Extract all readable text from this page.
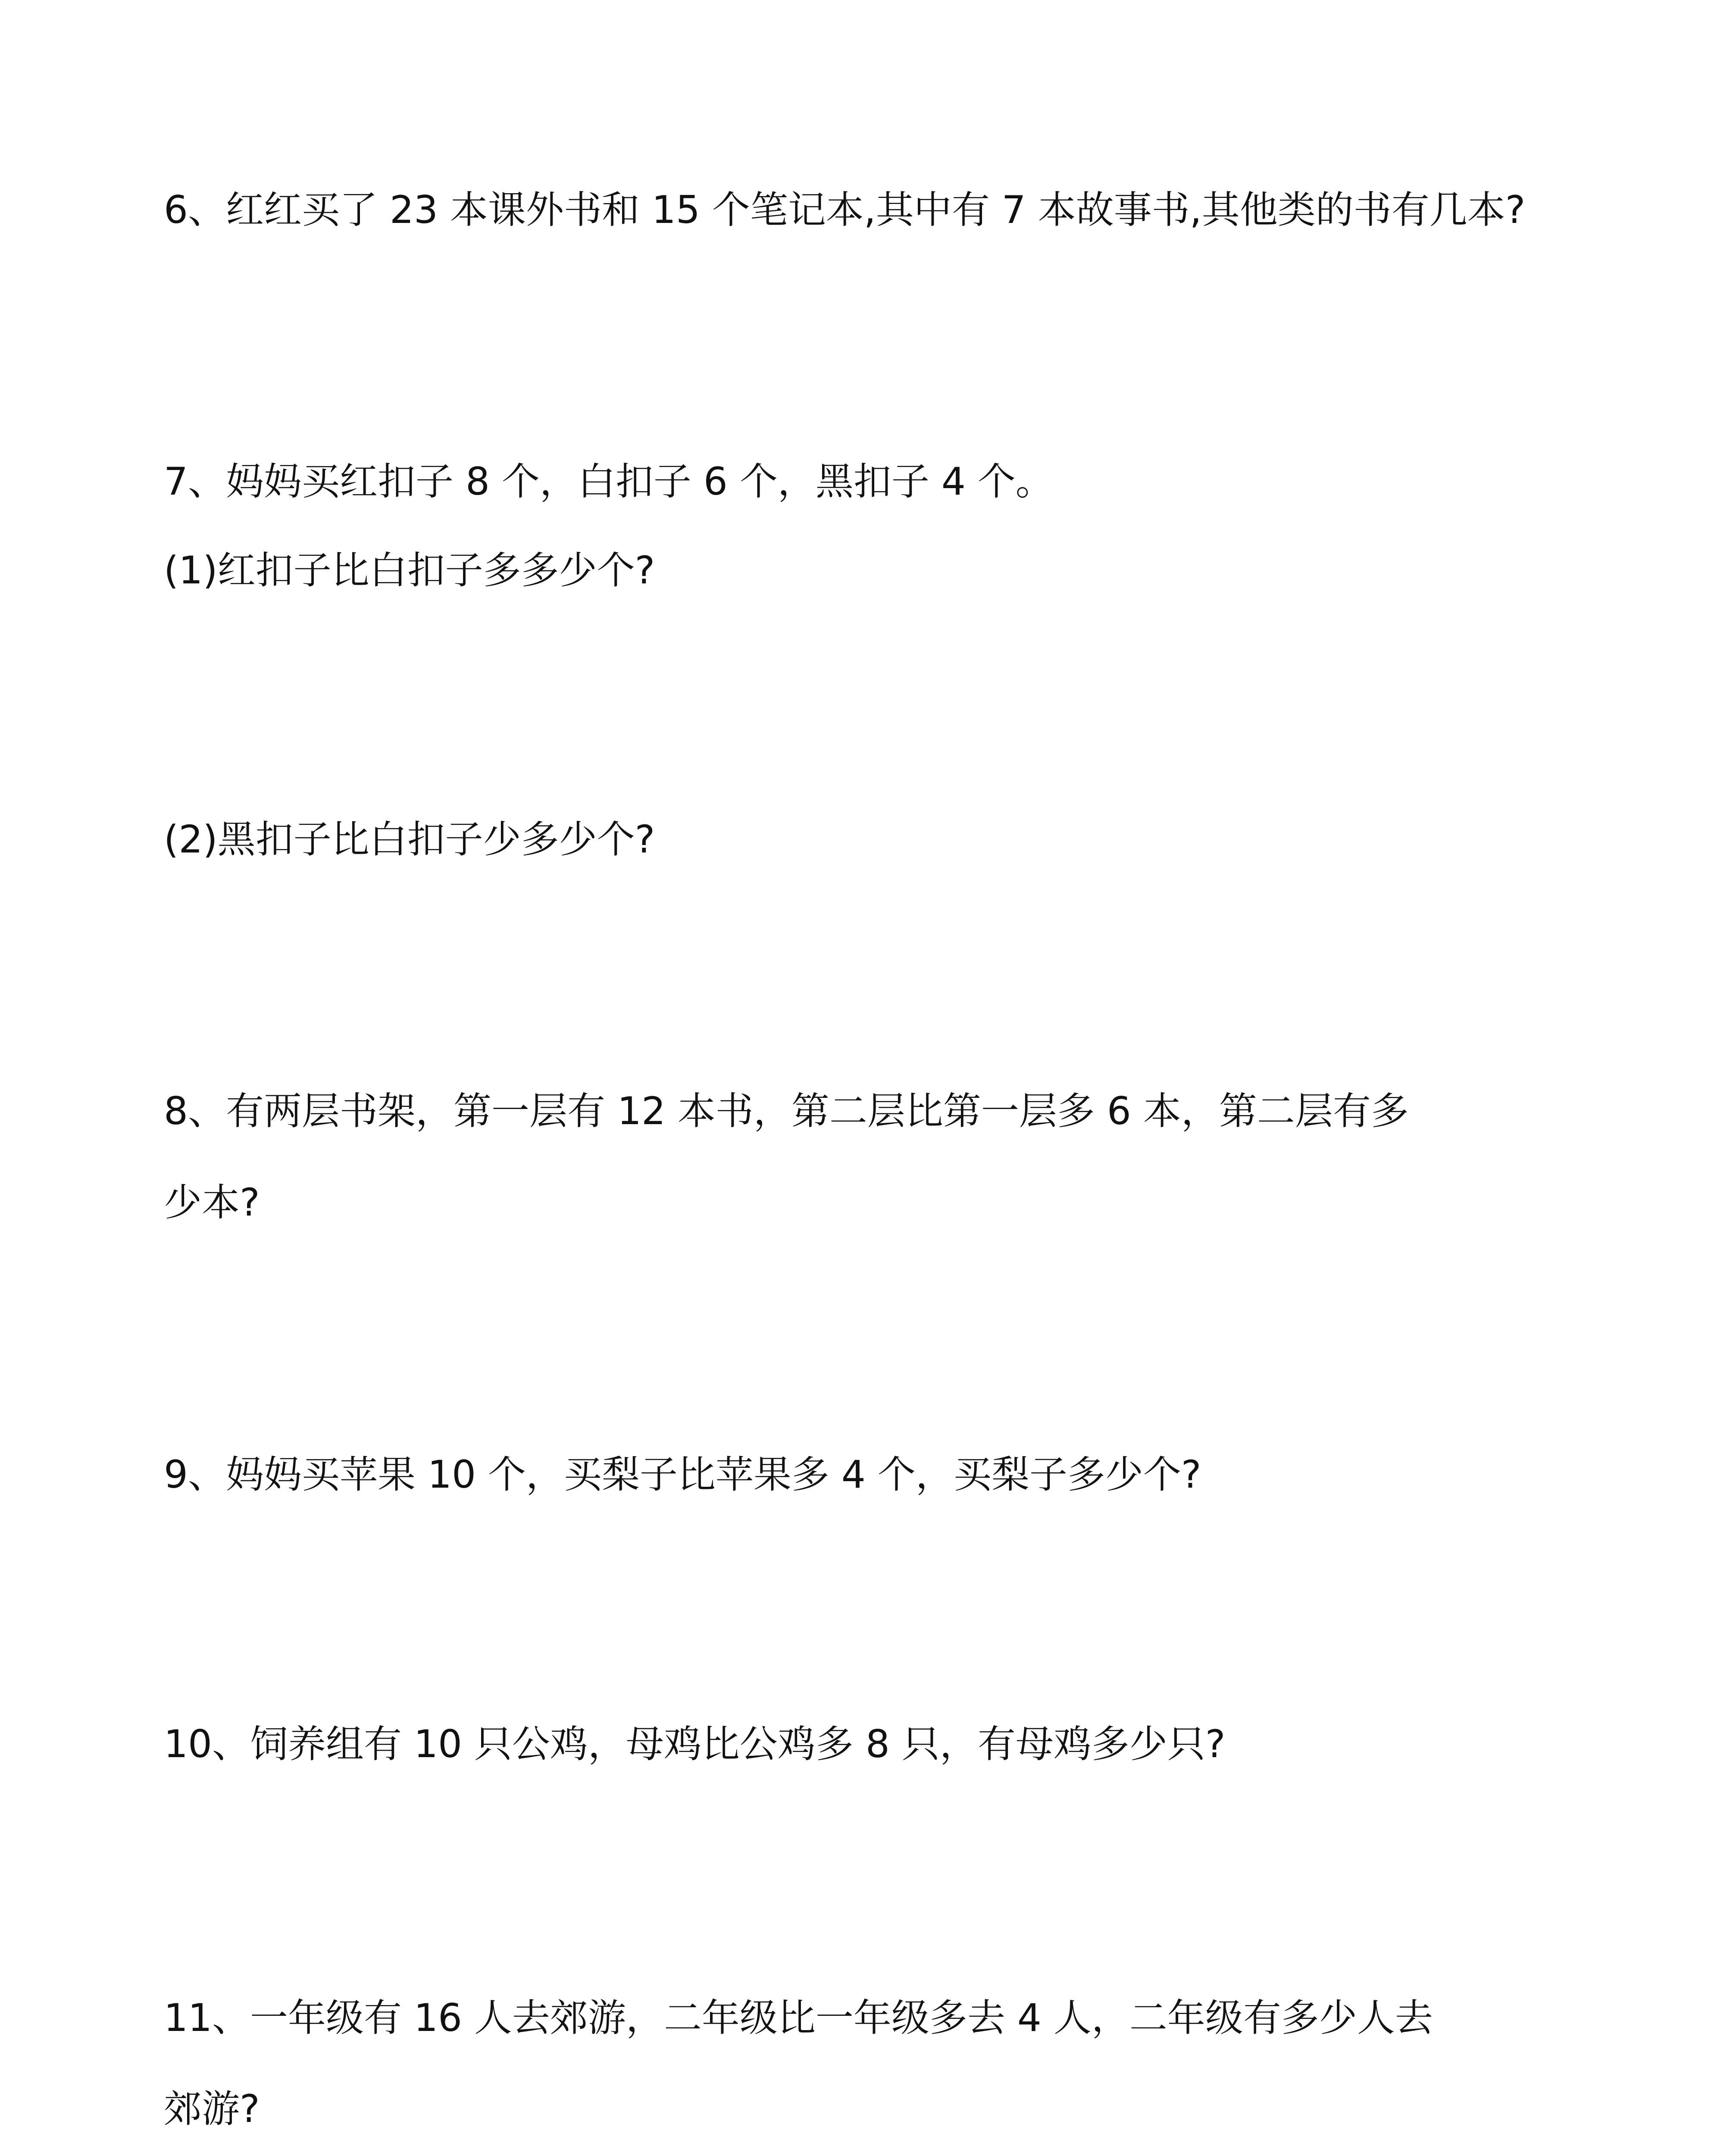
6、红红买了 23 本课外书和 15 个笔记本,其中有 7 本故事书,其他类的书有几本?
7、妈妈买红扣子 8 个，白扣子 6 个，黑扣子 4 个。
(1)红扣子比白扣子多多少个?
(2)黑扣子比白扣子少多少个?
8、有两层书架，第一层有 12 本书，第二层比第一层多 6 本，第二层有多
少本?
9、妈妈买苹果 10 个，买梨子比苹果多 4 个，买梨子多少个?
10、饲养组有 10 只公鸡，母鸡比公鸡多 8 只，有母鸡多少只?
11、一年级有 16 人去郊游，二年级比一年级多去 4 人，二年级有多少人去
郊游?
